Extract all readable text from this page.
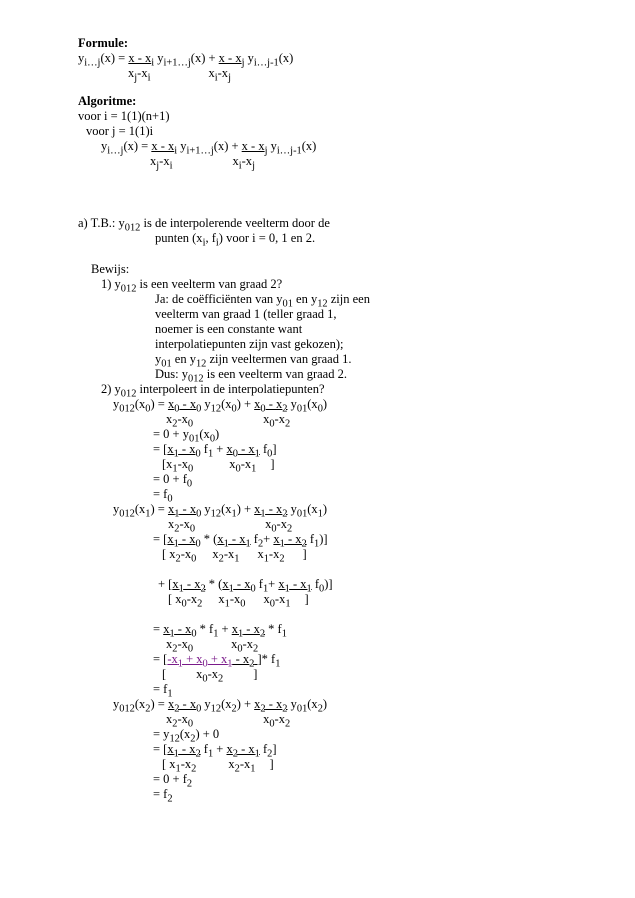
Formule:
$y_{i\dots j}(x) = x - x_i$ $y_{i+1\dots j}(x) + x - x_j$ $y_{i\dots j-1}(x)$
$x_j-x_i$	$x_i-x_j$
Algoritme:
voor i = 1(1)(n+1)
voor j = 1(1)i
$y_{i\dots j}(x) = x - x_i$ $y_{i+1\dots j}(x) + x - x_j$ $y_{i\dots j-1}(x)$
$x_j-x_i$	$x_i-x_j$
a) T.B.: $y_{012}$ is de interpolerende veelterm door de
punten ($x_i$, $f_i$) voor i = 0, 1 en 2.
Bewijs:
1) $y_{012}$ is een veelterm van graad 2?
Ja: de coëfficiënten van $y_{01}$ en $y_{12}$ zijn een
veelterm van graad 1 (teller graad 1,
noemer is een constante want
interpolatiepunten zijn vast gekozen);
$y_{01}$ en $y_{12}$ zijn veeltermen van graad 1.
Dus: $y_{012}$ is een veelterm van graad 2.
2) $y_{012}$ interpoleert in de interpolatiepunten?
$y_{012}(x_0) = x_0 - x_0$ $y_{12}(x_0) + x_0 - x_2$ $y_{01}(x_0)$
$x_2-x_0$	$x_0-x_2$
= $0 + y_{01}(x_0)$
= [$x_1 - x_0$ $f_1 + x_0 - x_1$ $f_0$]
[$x_1-x_0$	$x_0-x_1$ ]
= $0 + f_0$
= $f_0$
$y_{012}(x_1) = x_1 - x_0$ $y_{12}(x_1) + x_1 - x_2$ $y_{01}(x_1)$
$x_2-x_0$	$x_0-x_2$
= [$x_1 - x_0 * (x_1 - x_1$ $f_2+ x_1 - x_2$ $f_1$)]
[ $x_2-x_0$ $x_2-x_1$ $x_1-x_2$ ]
+ [$x_1 - x_2 * (x_1 - x_0$ $f_1+ x_1 - x_1$ $f_0$)]
[ $x_0-x_2$ $x_1-x_0$ $x_0-x_1$ ]
= $x_1 - x_0 * f_1 + x_1 - x_2 * f_1$
$x_2-x_0$	$x_0-x_2$
= [$-x_1 + x_0 + x_1 - x_2$ ]* $f_1$
[ $x_0-x_2$ ]
= $f_1$
$y_{012}(x_2) = x_2 - x_0$ $y_{12}(x_2) + x_2 - x_2$ $y_{01}(x_2)$
$x_2-x_0$	$x_0-x_2$
= $y_{12}(x_2) + 0$
= [$x_1 - x_2$ $f_1 + x_2 - x_1$ $f_2$]
[ $x_1-x_2$	$x_2-x_1$ ]
= $0 + f_2$
= $f_2$
